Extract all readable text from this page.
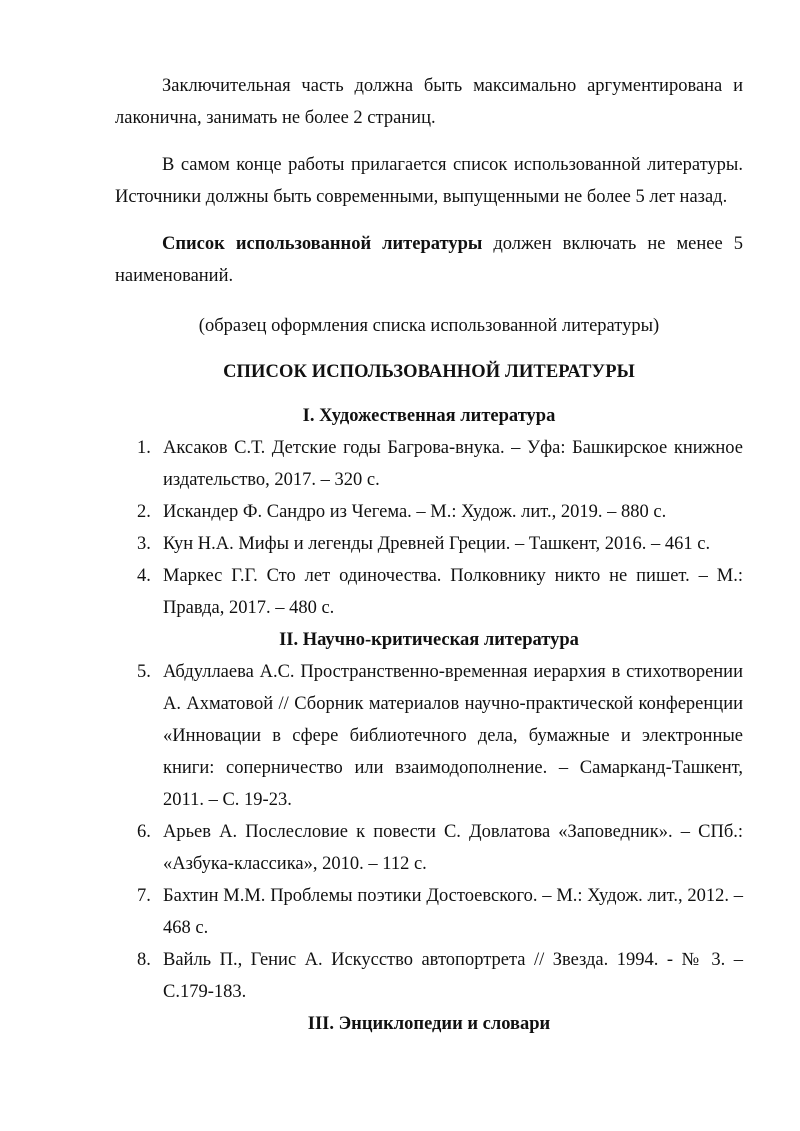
Заключительная часть должна быть максимально аргументирована и лаконична, занимать не более 2 страниц.

В самом конце работы прилагается список использованной литературы. Источники должны быть современными, выпущенными не более 5 лет назад.

Список использованной литературы должен включать не менее 5 наименований.

(образец оформления списка использованной литературы)

СПИСОК ИСПОЛЬЗОВАННОЙ ЛИТЕРАТУРЫ

I. Художественная литература

1. Аксаков С.Т. Детские годы Багрова-внука. – Уфа: Башкирское книжное издательство, 2017. – 320 с.
2. Искандер Ф. Сандро из Чегема. – М.: Худож. лит., 2019. – 880 с.
3. Кун Н.А. Мифы и легенды Древней Греции. – Ташкент, 2016. – 461 с.
4. Маркес Г.Г. Сто лет одиночества. Полковнику никто не пишет. – М.: Правда, 2017. – 480 с.

II. Научно-критическая литература

5. Абдуллаева А.С. Пространственно-временная иерархия в стихотворении А. Ахматовой // Сборник материалов научно-практической конференции «Инновации в сфере библиотечного дела, бумажные и электронные книги: соперничество или взаимодополнение. – Самарканд-Ташкент, 2011. – С. 19-23.
6. Арьев А. Послесловие к повести С. Довлатова «Заповедник». – СПб.: «Азбука-классика», 2010. – 112 с.
7. Бахтин М.М. Проблемы поэтики Достоевского. – М.: Худож. лит., 2012. – 468 с.
8. Вайль П., Генис А. Искусство автопортрета // Звезда. 1994. - № 3. – С.179-183.

III. Энциклопедии и словари
